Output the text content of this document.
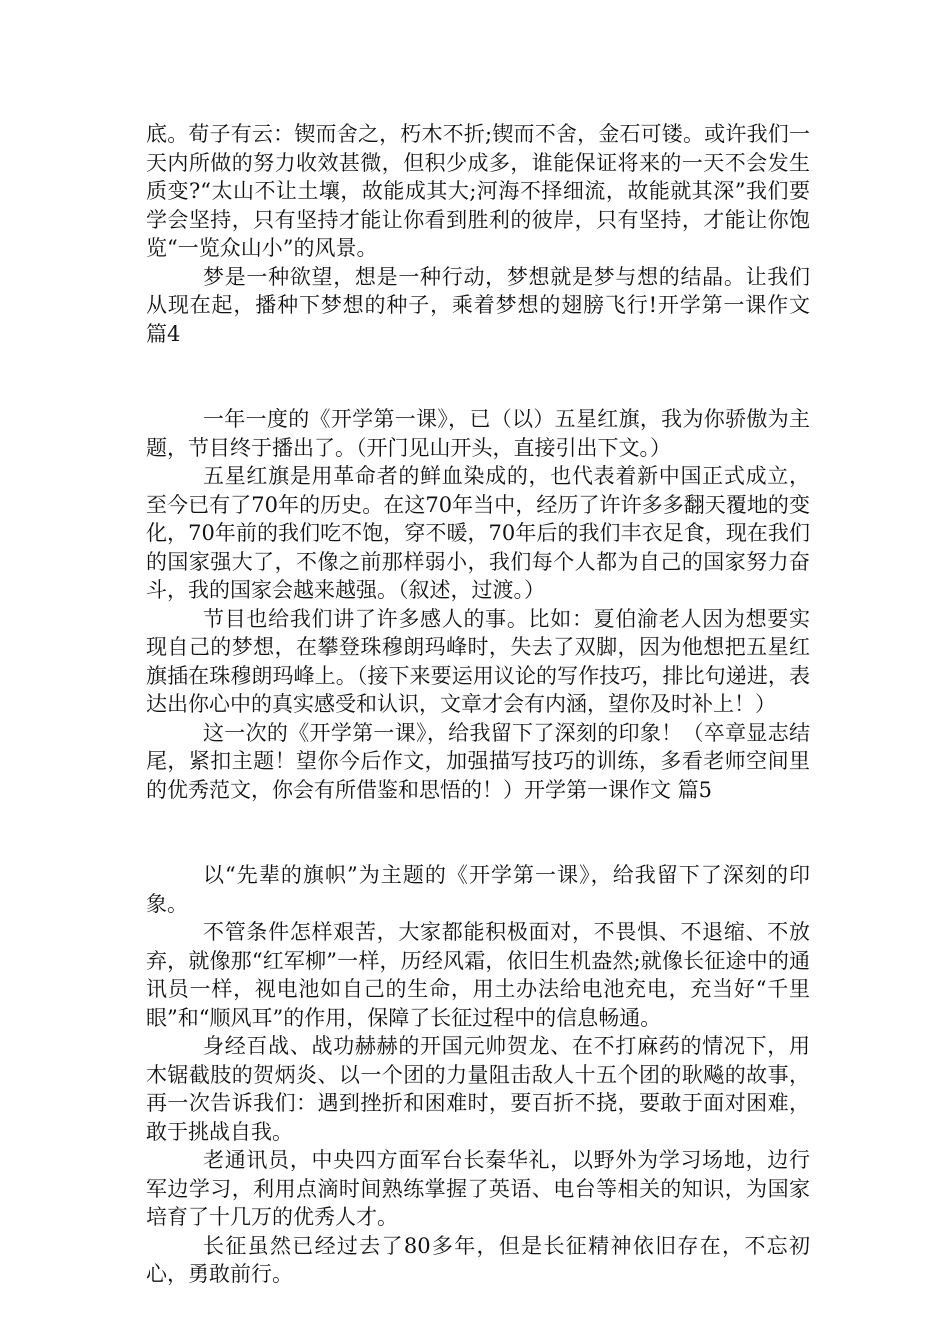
底。荀子有云：锲而舍之，朽木不折;锲而不舍，金石可镂。或许我们一天内所做的努力收效甚微，但积少成多，谁能保证将来的一天不会发生质变?“太山不让土壤，故能成其大;河海不择细流，故能就其深”我们要学会坚持，只有坚持才能让你看到胜利的彼岸，只有坚持，才能让你饱览“一览众山小”的风景。

梦是一种欲望，想是一种行动，梦想就是梦与想的结晶。让我们从现在起，播种下梦想的种子，乘着梦想的翅膀飞行!开学第一课作文 篇4

一年一度的《开学第一课》，已（以）五星红旗，我为你骄傲为主题，节目终于播出了。（开门见山开头，直接引出下文。）

五星红旗是用革命者的鲜血染成的，也代表着新中国正式成立，至今已有了70年的历史。在这70年当中，经历了许许多多翻天覆地的变化，70年前的我们吃不饱，穿不暖，70年后的我们丰衣足食，现在我们的国家强大了，不像之前那样弱小，我们每个人都为自己的国家努力奋斗，我的国家会越来越强。（叙述，过渡。）

节目也给我们讲了许多感人的事。比如：夏伯渝老人因为想要实现自己的梦想，在攀登珠穆朗玛峰时，失去了双脚，因为他想把五星红旗插在珠穆朗玛峰上。（接下来要运用议论的写作技巧，排比句递进，表达出你心中的真实感受和认识，文章才会有内涵，望你及时补上！）

这一次的《开学第一课》，给我留下了深刻的印象！（卒章显志结尾，紧扣主题！望你今后作文，加强描写技巧的训练，多看老师空间里的优秀范文，你会有所借鉴和思悟的！）开学第一课作文 篇5

以“先辈的旗帜”为主题的《开学第一课》，给我留下了深刻的印象。

不管条件怎样艰苦，大家都能积极面对，不畏惧、不退缩、不放弃，就像那“红军柳”一样，历经风霜，依旧生机盎然;就像长征途中的通讯员一样，视电池如自己的生命，用土办法给电池充电，充当好“千里眼”和“顺风耳”的作用，保障了长征过程中的信息畅通。

身经百战、战功赫赫的开国元帅贺龙、在不打麻药的情况下，用木锯截肢的贺炳炎、以一个团的力量阻击敌人十五个团的耿飚的故事，再一次告诉我们：遇到挫折和困难时，要百折不挠，要敢于面对困难，敢于挑战自我。

老通讯员，中央四方面军台长秦华礼，以野外为学习场地，边行军边学习，利用点滴时间熟练掌握了英语、电台等相关的知识，为国家培育了十几万的优秀人才。

长征虽然已经过去了80多年，但是长征精神依旧存在，不忘初心，勇敢前行。
